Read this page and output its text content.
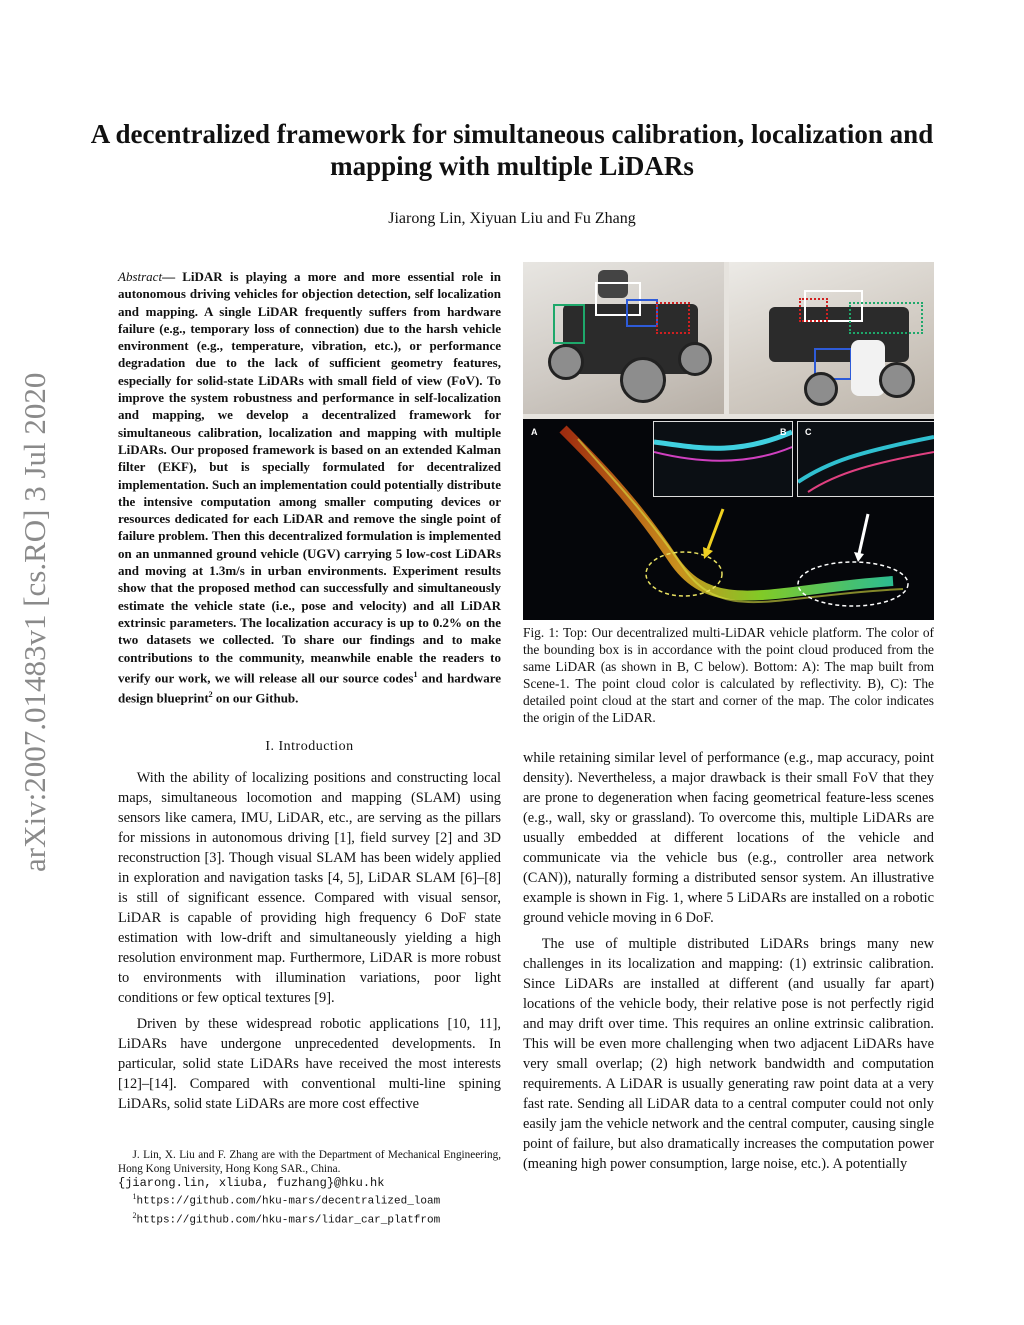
arXiv:2007.01483v1 [cs.RO] 3 Jul 2020
A decentralized framework for simultaneous calibration, localization and mapping with multiple LiDARs
Jiarong Lin, Xiyuan Liu and Fu Zhang
Abstract— LiDAR is playing a more and more essential role in autonomous driving vehicles for objection detection, self localization and mapping. A single LiDAR frequently suffers from hardware failure (e.g., temporary loss of connection) due to the harsh vehicle environment (e.g., temperature, vibration, etc.), or performance degradation due to the lack of sufficient geometry features, especially for solid-state LiDARs with small field of view (FoV). To improve the system robustness and performance in self-localization and mapping, we develop a decentralized framework for simultaneous calibration, localization and mapping with multiple LiDARs. Our proposed framework is based on an extended Kalman filter (EKF), but is specially formulated for decentralized implementation. Such an implementation could potentially distribute the intensive computation among smaller computing devices or resources dedicated for each LiDAR and remove the single point of failure problem. Then this decentralized formulation is implemented on an unmanned ground vehicle (UGV) carrying 5 low-cost LiDARs and moving at 1.3m/s in urban environments. Experiment results show that the proposed method can successfully and simultaneously estimate the vehicle state (i.e., pose and velocity) and all LiDAR extrinsic parameters. The localization accuracy is up to 0.2% on the two datasets we collected. To share our findings and to make contributions to the community, meanwhile enable the readers to verify our work, we will release all our source codes$^1$ and hardware design blueprint$^2$ on our Github.
I. Introduction

With the ability of localizing positions and constructing local maps, simultaneous locomotion and mapping (SLAM) using sensors like camera, IMU, LiDAR, etc., are serving as the pillars for missions in autonomous driving [1], field survey [2] and 3D reconstruction [3]. Though visual SLAM has been widely applied in exploration and navigation tasks [4, 5], LiDAR SLAM [6]–[8] is still of significant essence. Compared with visual sensor, LiDAR is capable of providing high frequency 6 DoF state estimation with low-drift and simultaneously yielding a high resolution environment map. Furthermore, LiDAR is more robust to environments with illumination variations, poor light conditions or few optical textures [9].

Driven by these widespread robotic applications [10, 11], LiDARs have undergone unprecedented developments. In particular, solid state LiDARs have received the most interests [12]–[14]. Compared with conventional multi-line spining LiDARs, solid state LiDARs are more cost effective

J. Lin, X. Liu and F. Zhang are with the Department of Mechanical Engineering, Hong Kong University, Hong Kong SAR., China.
{jiarong.lin, xliuba, fuzhang}@hku.hk
$^1$https://github.com/hku-mars/decentralized_loam
$^2$https://github.com/hku-mars/lidar_car_platfrom
A	B C
Fig. 1: Top: Our decentralized multi-LiDAR vehicle platform. The color of the bounding box is in accordance with the point cloud produced from the same LiDAR (as shown in B, C below). Bottom: A): The map built from Scene-1. The point cloud color is calculated by reflectivity. B), C): The detailed point cloud at the start and corner of the map. The color indicates the origin of the LiDAR.

while retaining similar level of performance (e.g., map accuracy, point density). Nevertheless, a major drawback is their small FoV that they are prone to degeneration when facing geometrical feature-less scenes (e.g., wall, sky or grassland). To overcome this, multiple LiDARs are usually embedded at different locations of the vehicle and communicate via the vehicle bus (e.g., controller area network (CAN)), naturally forming a distributed sensor system. An illustrative example is shown in Fig. 1, where 5 LiDARs are installed on a robotic ground vehicle moving in 6 DoF.

The use of multiple distributed LiDARs brings many new challenges in its localization and mapping: (1) extrinsic calibration. Since LiDARs are installed at different (and usually far apart) locations of the vehicle body, their relative pose is not perfectly rigid and may drift over time. This requires an online extrinsic calibration. This will be even more challenging when two adjacent LiDARs have very small overlap; (2) high network bandwidth and computation requirements. A LiDAR is usually generating raw point data at a very fast rate. Sending all LiDAR data to a central computer could not only easily jam the vehicle network and the central computer, causing single point of failure, but also dramatically increases the computation power (meaning high power consumption, large noise, etc.). A potentially
